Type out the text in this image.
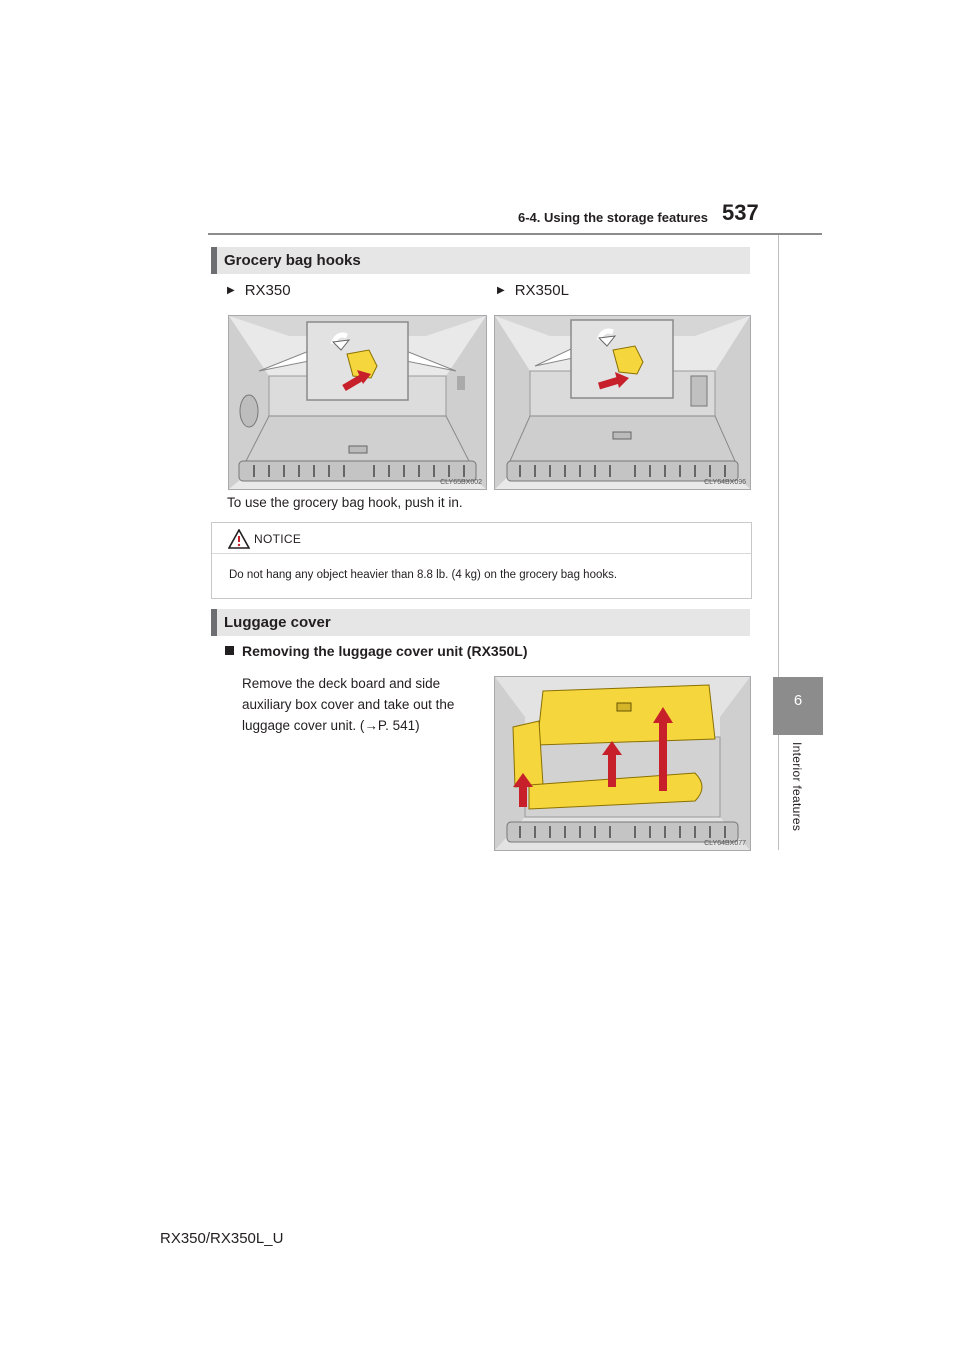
6-4. Using the storage features 537
6
Interior features
Grocery bag hooks
▶ RX350	▶ RX350L
CLY65BX002	CLY64BX096
To use the grocery bag hook, push it in.
NOTICE
Do not hang any object heavier than 8.8 lb. (4 kg) on the grocery bag hooks.
Luggage cover
Removing the luggage cover unit (RX350L)
Remove the deck board and side
auxiliary box cover and take out the
luggage cover unit. (→P. 541)
CLY64BX077
RX350/RX350L_U
